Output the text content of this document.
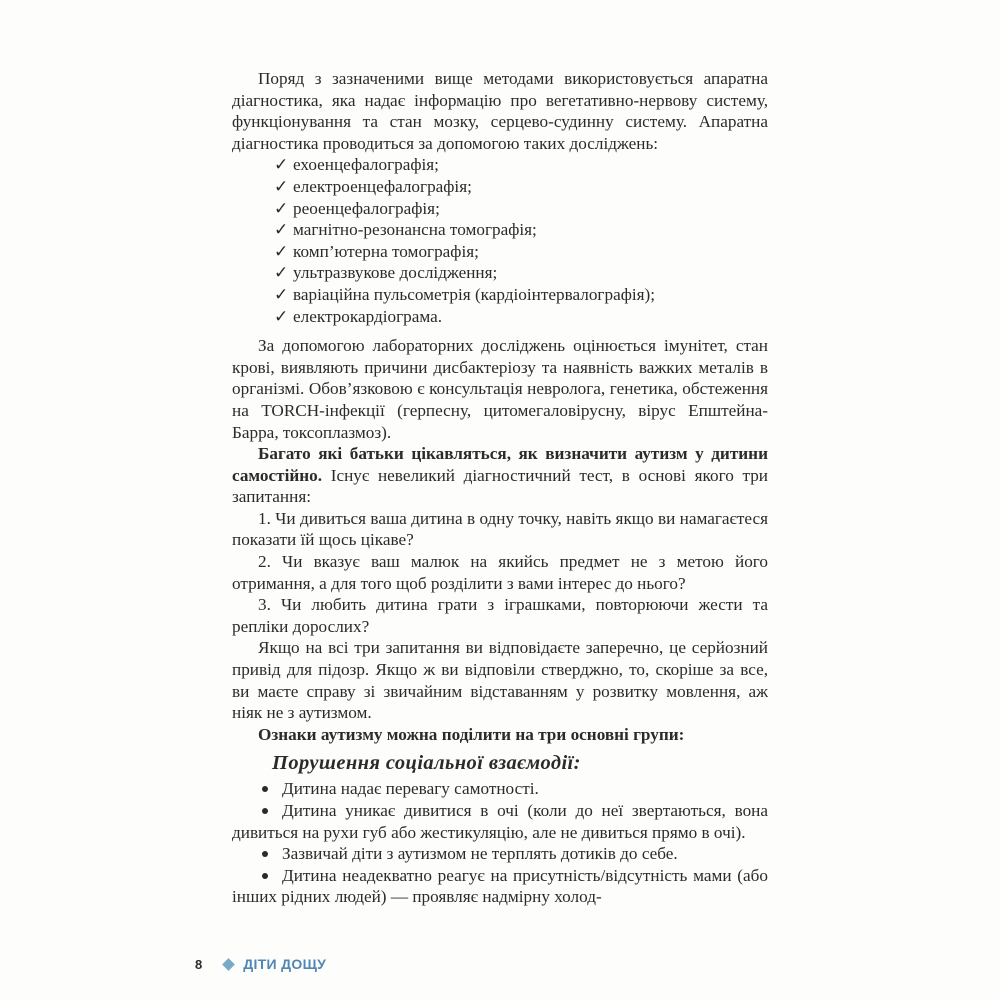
Поряд з зазначеними вище методами використовується апаратна діагностика, яка надає інформацію про вегетативно-нервову систему, функціонування та стан мозку, серцево-судинну систему. Апаратна діагностика проводиться за допомогою таких досліджень:

✓ ехоенцефалографія;
✓ електроенцефалографія;
✓ реоенцефалографія;
✓ магнітно-резонансна томографія;
✓ комп’ютерна томографія;
✓ ультразвукове дослідження;
✓ варіаційна пульсометрія (кардіоінтервалографія);
✓ електрокардіограма.

За допомогою лабораторних досліджень оцінюється імунітет, стан крові, виявляють причини дисбактеріозу та наявність важких металів в організмі. Обов’язковою є консультація невролога, генетика, обстеження на TORCH-інфекції (герпесну, цитомегаловірусну, вірус Епштейна-Барра, токсоплазмоз).

Багато які батьки цікавляться, як визначити аутизм у дитини самостійно. Існує невеликий діагностичний тест, в основі якого три запитання:

1. Чи дивиться ваша дитина в одну точку, навіть якщо ви намагаєтеся показати їй щось цікаве?

2. Чи вказує ваш малюк на якийсь предмет не з метою його отримання, а для того щоб розділити з вами інтерес до нього?

3. Чи любить дитина грати з іграшками, повторюючи жести та репліки дорослих?

Якщо на всі три запитання ви відповідаєте заперечно, це серйозний привід для підозр. Якщо ж ви відповіли стверджно, то, скоріше за все, ви маєте справу зі звичайним відставанням у розвитку мовлення, аж ніяк не з аутизмом.

Ознаки аутизму можна поділити на три основні групи:

Порушення соціальної взаємодії:
Дитина надає перевагу самотності.
Дитина уникає дивитися в очі (коли до неї звертаються, вона дивиться на рухи губ або жестикуляцію, але не дивиться прямо в очі).
Зазвичай діти з аутизмом не терплять дотиків до себе.
Дитина неадекватно реагує на присутність/відсутність мами (або інших рідних людей) — проявляє надмірну холод-
8	ДІТИ ДОЩУ
